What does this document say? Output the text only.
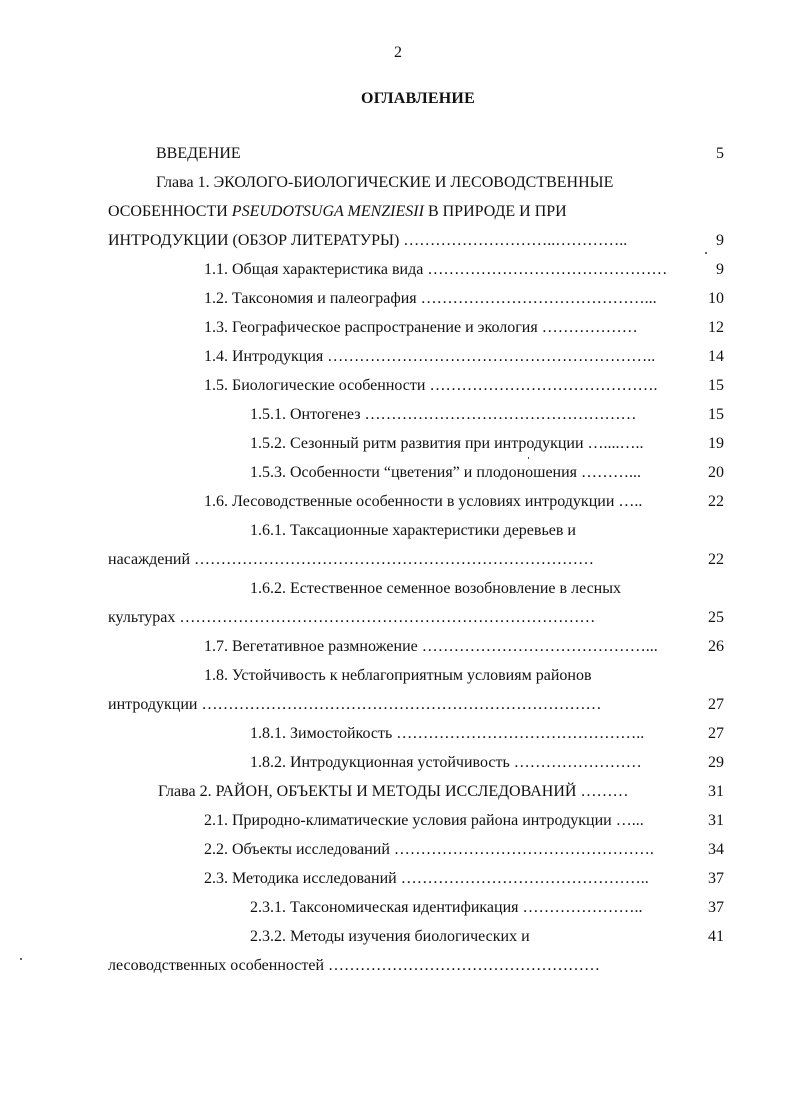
2
ОГЛАВЛЕНИЕ
ВВЕДЕНИЕ	5
Глава 1. ЭКОЛОГО-БИОЛОГИЧЕСКИЕ И ЛЕСОВОДСТВЕННЫЕ
ОСОБЕННОСТИ PSEUDOTSUGA MENZIESII В ПРИРОДЕ И ПРИ
ИНТРОДУКЦИИ (ОБЗОР ЛИТЕРАТУРЫ) ………………………..…………..	9
1.1. Общая характеристика вида ………………………………………	9
1.2. Таксономия и палеография ……………………………………...	10
1.3. Географическое распространение и экология ………………	12
1.4. Интродукция ……………………………………………………..	14
1.5. Биологические особенности …………………………………….	15
1.5.1. Онтогенез ……………………………………………	15
1.5.2. Сезонный ритм развития при интродукции …....…..	19
1.5.3. Особенности “цветения” и плодоношения ………...	20
1.6. Лесоводственные особенности в условиях интродукции …..	22
1.6.1. Таксационные характеристики деревьев и
насаждений …………………………………………………………………	22
1.6.2. Естественное семенное возобновление в лесных
культурах ……………………………………………………………………	25
1.7. Вегетативное размножение ……………………………………...	26
1.8. Устойчивость к неблагоприятным условиям районов
интродукции …………………………………………………………………	27
1.8.1. Зимостойкость ………………………………………..	27
1.8.2. Интродукционная устойчивость ……………………	29
Глава 2. РАЙОН, ОБЪЕКТЫ И МЕТОДЫ ИССЛЕДОВАНИЙ ………	31
2.1. Природно-климатические условия района интродукции …...	31
2.2. Объекты исследований ………………………………………….	34
2.3. Методика исследований ………………………………………..	37
2.3.1. Таксономическая идентификация …………………..	37
2.3.2. Методы изучения биологических и	41
лесоводственных особенностей ……………………………………………
